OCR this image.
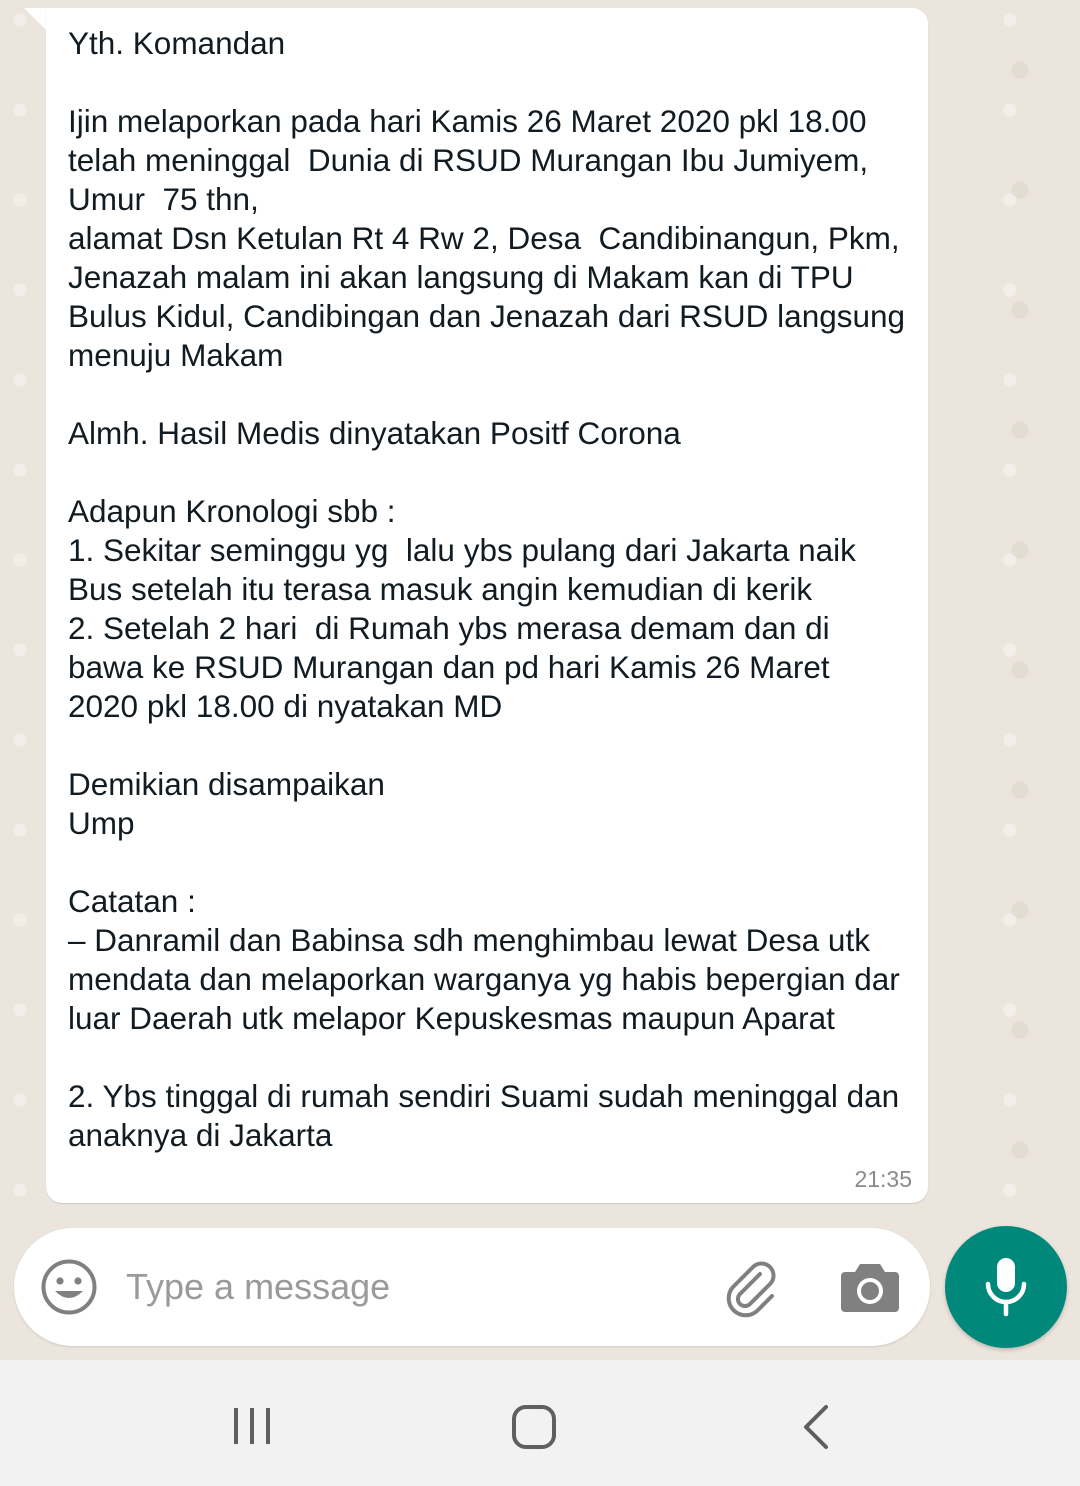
Yth. Komandan

Ijin melaporkan pada hari Kamis 26 Maret 2020 pkl 18.00 telah meninggal  Dunia di RSUD Murangan Ibu Jumiyem, Umur  75 thn,
alamat Dsn Ketulan Rt 4 Rw 2, Desa  Candibinangun, Pkm, Jenazah malam ini akan langsung di Makam kan di TPU Bulus Kidul, Candibingan dan Jenazah dari RSUD langsung menuju Makam

Almh. Hasil Medis dinyatakan Positf Corona

Adapun Kronologi sbb :
1. Sekitar seminggu yg  lalu ybs pulang dari Jakarta naik Bus setelah itu terasa masuk angin kemudian di kerik
2. Setelah 2 hari  di Rumah ybs merasa demam dan di bawa ke RSUD Murangan dan pd hari Kamis 26 Maret 2020 pkl 18.00 di nyatakan MD

Demikian disampaikan
Ump

Catatan :
– Danramil dan Babinsa sdh menghimbau lewat Desa utk mendata dan melaporkan warganya yg habis bepergian dar luar Daerah utk melapor Kepuskesmas maupun Aparat

2. Ybs tinggal di rumah sendiri Suami sudah meninggal dan anaknya di Jakarta

21:35
Type a message
